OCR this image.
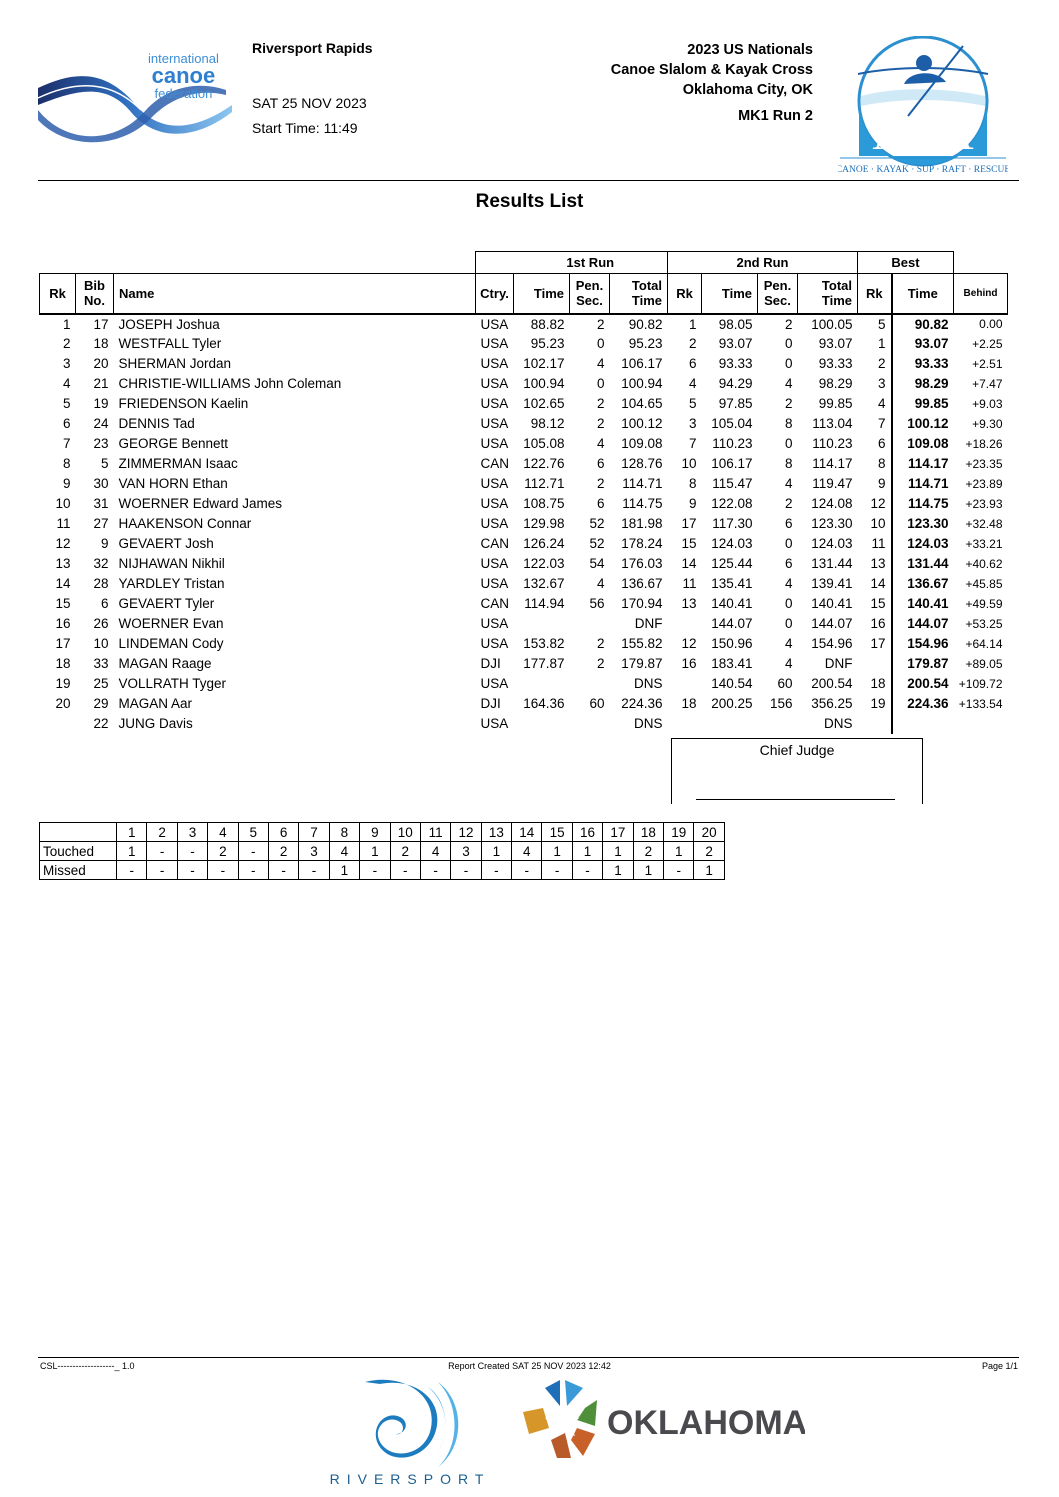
international
canoe
federation
Riversport Rapids
SAT 25 NOV 2023
Start Time: 11:49
2023 US Nationals
Canoe Slalom & Kayak Cross
Oklahoma City, OK
MK1 Run 2 ACA
CANOE · KAYAK · SUP · RAFT · RESCUE
Results List
				1st Run			2nd Run				Best		
Rk	Bib No.	Name	Ctry.	Time	Pen. Sec.	Total Time	Rk	Time	Pen. Sec.	Total Time	Rk	Time	Behind
1	17	JOSEPH Joshua	USA	88.82	2	90.82	1	98.05	2	100.05	5	90.82	0.00
2	18	WESTFALL Tyler	USA	95.23	0	95.23	2	93.07	0	93.07	1	93.07	+2.25
3	20	SHERMAN Jordan	USA	102.17	4	106.17	6	93.33	0	93.33	2	93.33	+2.51
4	21	CHRISTIE-WILLIAMS John Coleman	USA	100.94	0	100.94	4	94.29	4	98.29	3	98.29	+7.47
5	19	FRIEDENSON Kaelin	USA	102.65	2	104.65	5	97.85	2	99.85	4	99.85	+9.03
6	24	DENNIS Tad	USA	98.12	2	100.12	3	105.04	8	113.04	7	100.12	+9.30
7	23	GEORGE Bennett	USA	105.08	4	109.08	7	110.23	0	110.23	6	109.08	+18.26
8	5	ZIMMERMAN Isaac	CAN	122.76	6	128.76	10	106.17	8	114.17	8	114.17	+23.35
9	30	VAN HORN Ethan	USA	112.71	2	114.71	8	115.47	4	119.47	9	114.71	+23.89
10	31	WOERNER Edward James	USA	108.75	6	114.75	9	122.08	2	124.08	12	114.75	+23.93
11	27	HAAKENSON Connar	USA	129.98	52	181.98	17	117.30	6	123.30	10	123.30	+32.48
12	9	GEVAERT Josh	CAN	126.24	52	178.24	15	124.03	0	124.03	11	124.03	+33.21
13	32	NIJHAWAN Nikhil	USA	122.03	54	176.03	14	125.44	6	131.44	13	131.44	+40.62
14	28	YARDLEY Tristan	USA	132.67	4	136.67	11	135.41	4	139.41	14	136.67	+45.85
15	6	GEVAERT Tyler	CAN	114.94	56	170.94	13	140.41	0	140.41	15	140.41	+49.59
16	26	WOERNER Evan	USA			DNF		144.07	0	144.07	16	144.07	+53.25
17	10	LINDEMAN Cody	USA	153.82	2	155.82	12	150.96	4	154.96	17	154.96	+64.14
18	33	MAGAN Raage	DJI	177.87	2	179.87	16	183.41	4	DNF		179.87	+89.05
19	25	VOLLRATH Tyger	USA			DNS		140.54	60	200.54	18	200.54	+109.72
20	29	MAGAN Aar	DJI	164.36	60	224.36	18	200.25	156	356.25	19	224.36	+133.54
	22	JUNG Davis	USA			DNS				DNS			
Chief Judge
	1	2	3	4	5	6	7	8	9	10	11	12	13	14	15	16	17	18	19	20
Touched	1	-	-	2	-	2	3	4	1	2	4	3	1	4	1	1	1	2	1	2
Missed	-	-	-	-	-	-	-	1	-	-	-	-	-	-	-	-	1	1	-	1
CSL-------------------_ 1.0	Report Created SAT 25 NOV 2023 12:42	Page 1/1
RIVERSPORT
OKLAHOMA
